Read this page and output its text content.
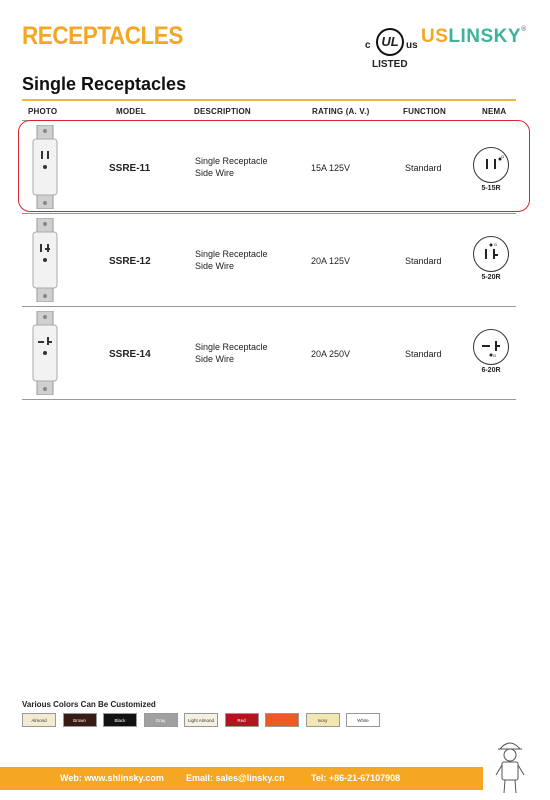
RECEPTACLES
Single Receptacles
c UL us
LISTED
USLINSKY®
PHOTO	MODEL	DESCRIPTION	RATING (A. V.)	FUNCTION	NEMA
SSRE-11
Single Receptacle
Side Wire	15A 125V	Standard
G
5-15R
SSRE-12
Single Receptacle
Side Wire	20A 125V	Standard
G
5-20R
SSRE-14
Single Receptacle
Side Wire	20A 250V	Standard	G
6-20R
Various Colors Can Be Customized
Almond	Brown	Black	Gray	Light Almond	Red	Ivory	White
Web: www.shlinsky.com Email: sales@linsky.cn	Tel: +86-21-67107908
